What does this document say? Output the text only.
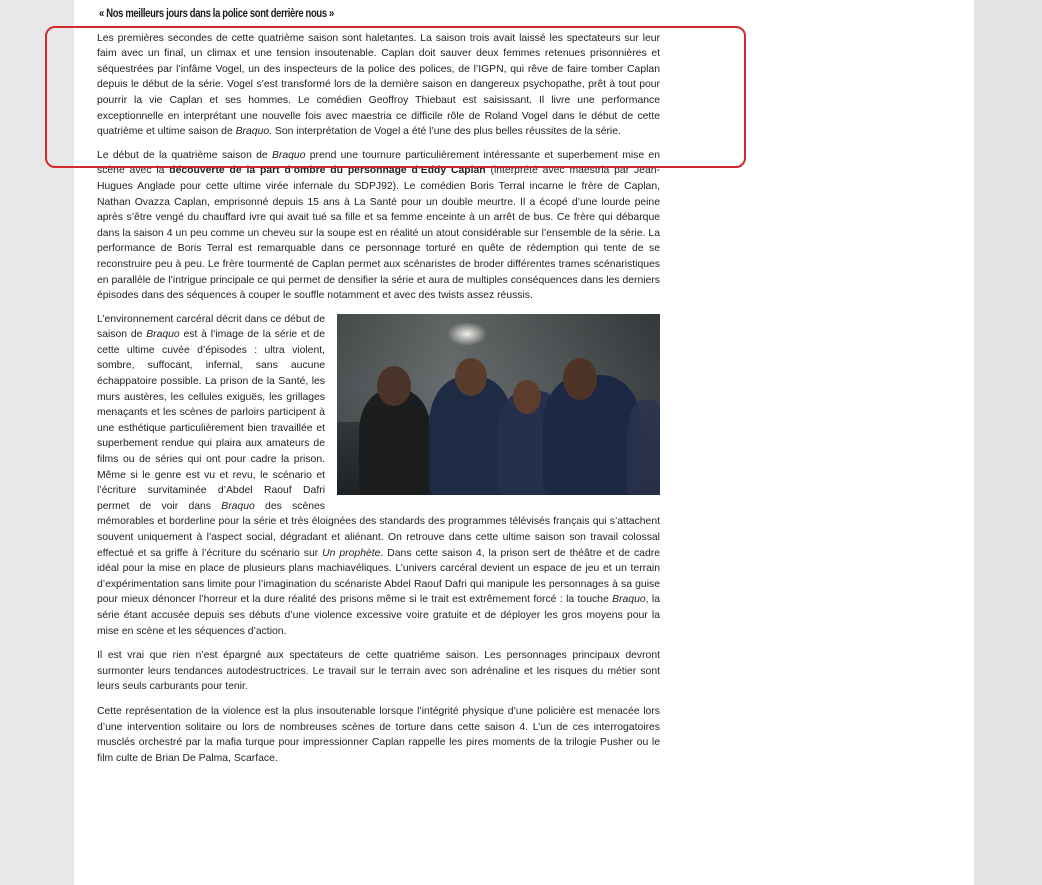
« Nos meilleurs jours dans la police sont derrière nous »

Les premières secondes de cette quatrième saison sont haletantes. La saison trois avait laissé les spectateurs sur leur faim avec un final, un climax et une tension insoutenable. Caplan doit sauver deux femmes retenues prisonnières et séquestrées par l’infâme Vogel, un des inspecteurs de la police des polices, de l’IGPN, qui rêve de faire tomber Caplan depuis le début de la série. Vogel s’est transformé lors de la dernière saison en dangereux psychopathe, prêt à tout pour pourrir la vie Caplan et ses hommes. Le comédien Geoffroy Thiebaut est saisissant. Il livre une performance exceptionnelle en interprétant une nouvelle fois avec maestria ce difficile rôle de Roland Vogel dans le début de cette quatrième et ultime saison de Braquo. Son interprétation de Vogel a été l’une des plus belles réussites de la série.

Le début de la quatrième saison de Braquo prend une tournure particulièrement intéressante et superbement mise en scène avec la découverte de la part d’ombre du personnage d’Eddy Caplan (interprété avec maestria par Jean-Hugues Anglade pour cette ultime virée infernale du SDPJ92). Le comédien Boris Terral incarne le frère de Caplan, Nathan Ovazza Caplan, emprisonné depuis 15 ans à La Santé pour un double meurtre. Il a écopé d’une lourde peine après s’être vengé du chauffard ivre qui avait tué sa fille et sa femme enceinte à un arrêt de bus. Ce frère qui débarque dans la saison 4 un peu comme un cheveu sur la soupe est en réalité un atout considérable sur l’ensemble de la série. La performance de Boris Terral est remarquable dans ce personnage torturé en quête de rédemption qui tente de se reconstruire peu à peu. Le frère tourmenté de Caplan permet aux scénaristes de broder différentes trames scénaristiques en parallèle de l’intrigue principale ce qui permet de densifier la série et aura de multiples conséquences dans les derniers épisodes dans des séquences à couper le souffle notamment et avec des twists assez réussis.

L’environnement carcéral décrit dans ce début de saison de Braquo est à l’image de la série et de cette ultime cuvée d’épisodes : ultra violent, sombre, suffocant, infernal, sans aucune échappatoire possible. La prison de la Santé, les murs austères, les cellules exiguës, les grillages menaçants et les scènes de parloirs participent à une esthétique particulièrement bien travaillée et superbement rendue qui plaira aux amateurs de films ou de séries qui ont pour cadre la prison. Même si le genre est vu et revu, le scénario et l’écriture survitaminée d’Abdel Raouf Dafri permet de voir dans Braquo des scènes mémorables et borderline pour la série et très éloignées des standards des programmes télévisés français qui s’attachent souvent uniquement à l’aspect social, dégradant et aliénant. On retrouve dans cette ultime saison son travail colossal effectué et sa griffe à l’écriture du scénario sur Un prophète. Dans cette saison 4, la prison sert de théâtre et de cadre idéal pour la mise en place de plusieurs plans machiavéliques. L’univers carcéral devient un espace de jeu et un terrain d’expérimentation sans limite pour l’imagination du scénariste Abdel Raouf Dafri qui manipule les personnages à sa guise pour mieux dénoncer l’horreur et la dure réalité des prisons même si le trait est extrêmement forcé : la touche Braquo, la série étant accusée depuis ses débuts d’une violence excessive voire gratuite et de déployer les gros moyens pour la mise en scène et les séquences d’action.

Il est vrai que rien n’est épargné aux spectateurs de cette quatrième saison. Les personnages principaux devront surmonter leurs tendances autodestructrices. Le travail sur le terrain avec son adrénaline et les risques du métier sont leurs seuls carburants pour tenir.

Cette représentation de la violence est la plus insoutenable lorsque l’intégrité physique d’une policière est menacée lors d’une intervention solitaire ou lors de nombreuses scènes de torture dans cette saison 4. L’un de ces interrogatoires musclés orchestré par la mafia turque pour impressionner Caplan rappelle les pires moments de la trilogie Pusher ou le film culte de Brian De Palma, Scarface.
